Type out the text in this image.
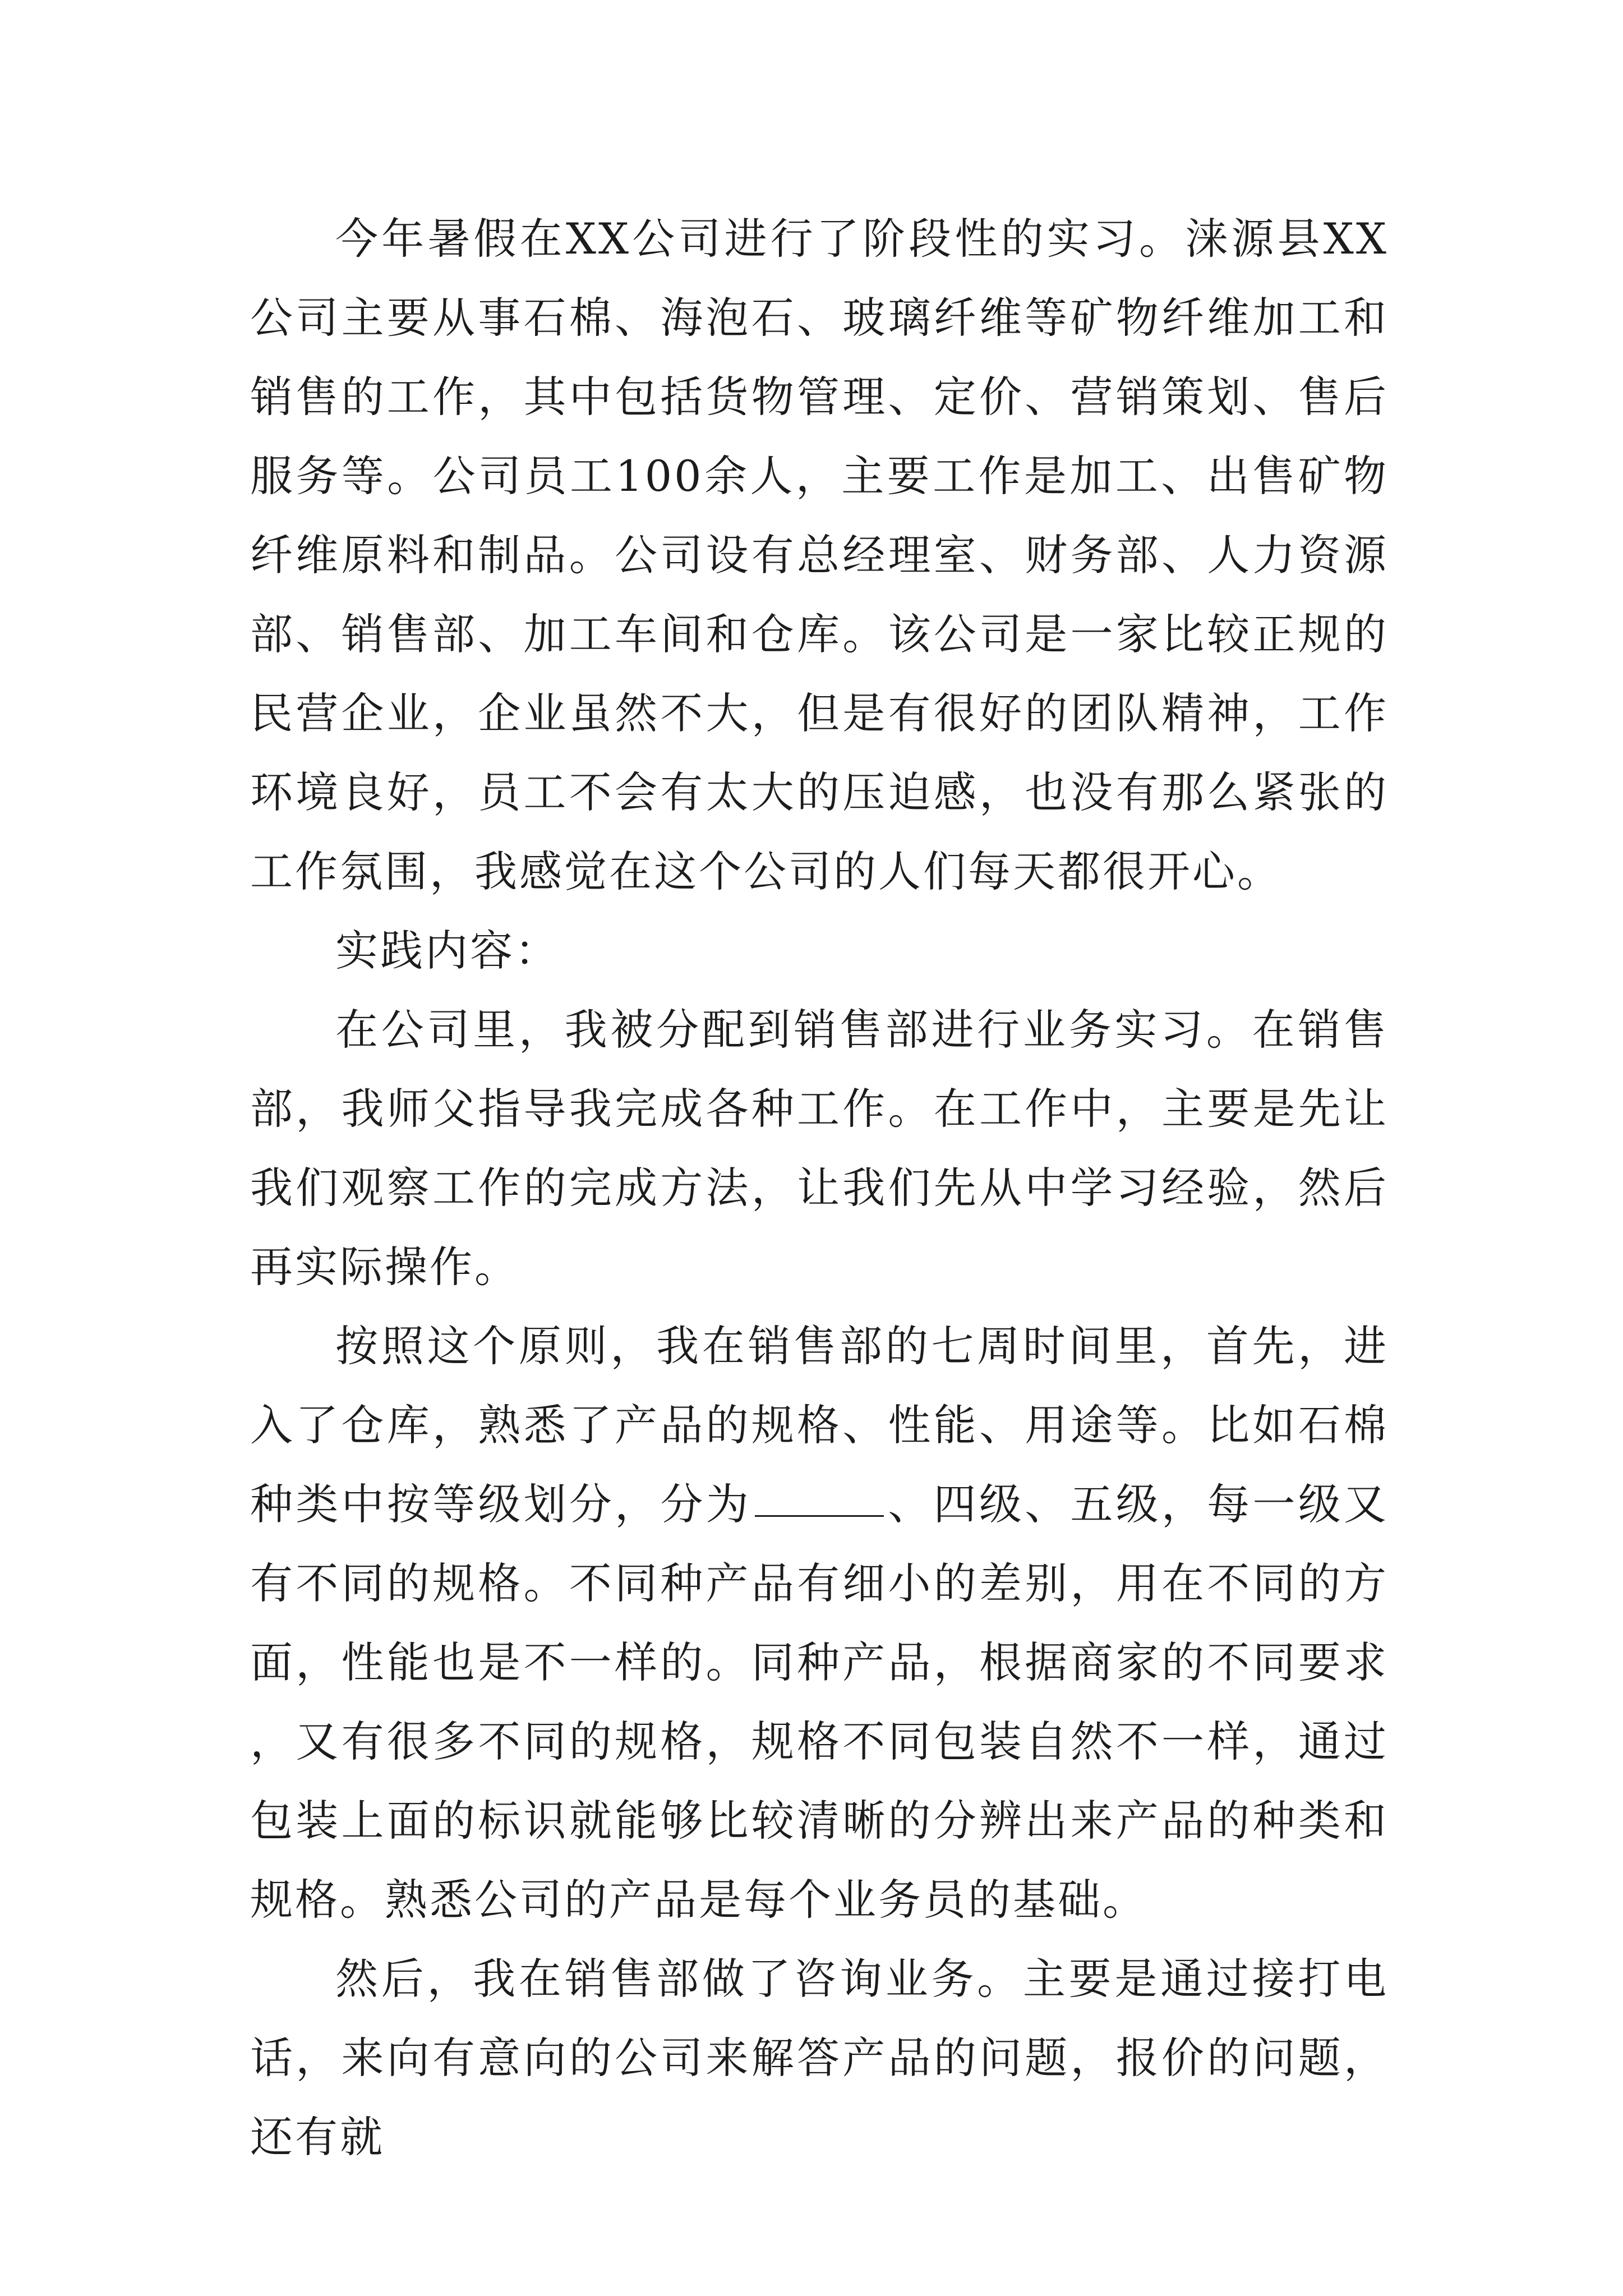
今年暑假在XX公司进行了阶段性的实习。涞源县XX公司主要从事石棉、海泡石、玻璃纤维等矿物纤维加工和销售的工作，其中包括货物管理、定价、营销策划、售后服务等。公司员工100余人，主要工作是加工、出售矿物纤维原料和制品。公司设有总经理室、财务部、人力资源部、销售部、加工车间和仓库。该公司是一家比较正规的民营企业，企业虽然不大，但是有很好的团队精神，工作环境良好，员工不会有太大的压迫感，也没有那么紧张的工作氛围，我感觉在这个公司的人们每天都很开心。

实践内容：

在公司里，我被分配到销售部进行业务实习。在销售部，我师父指导我完成各种工作。在工作中，主要是先让我们观察工作的完成方法，让我们先从中学习经验，然后再实际操作。

按照这个原则，我在销售部的七周时间里，首先，进入了仓库，熟悉了产品的规格、性能、用途等。比如石棉种类中按等级划分，分为	、四级、五级，每一级又有不同的规格。不同种产品有细小的差别，用在不同的方面，性能也是不一样的。同种产品，根据商家的不同要求，又有很多不同的规格，规格不同包装自然不一样，通过包装上面的标识就能够比较清晰的分辨出来产品的种类和规格。熟悉公司的产品是每个业务员的基础。

然后，我在销售部做了咨询业务。主要是通过接打电话，来向有意向的公司来解答产品的问题，报价的问题，还有就
